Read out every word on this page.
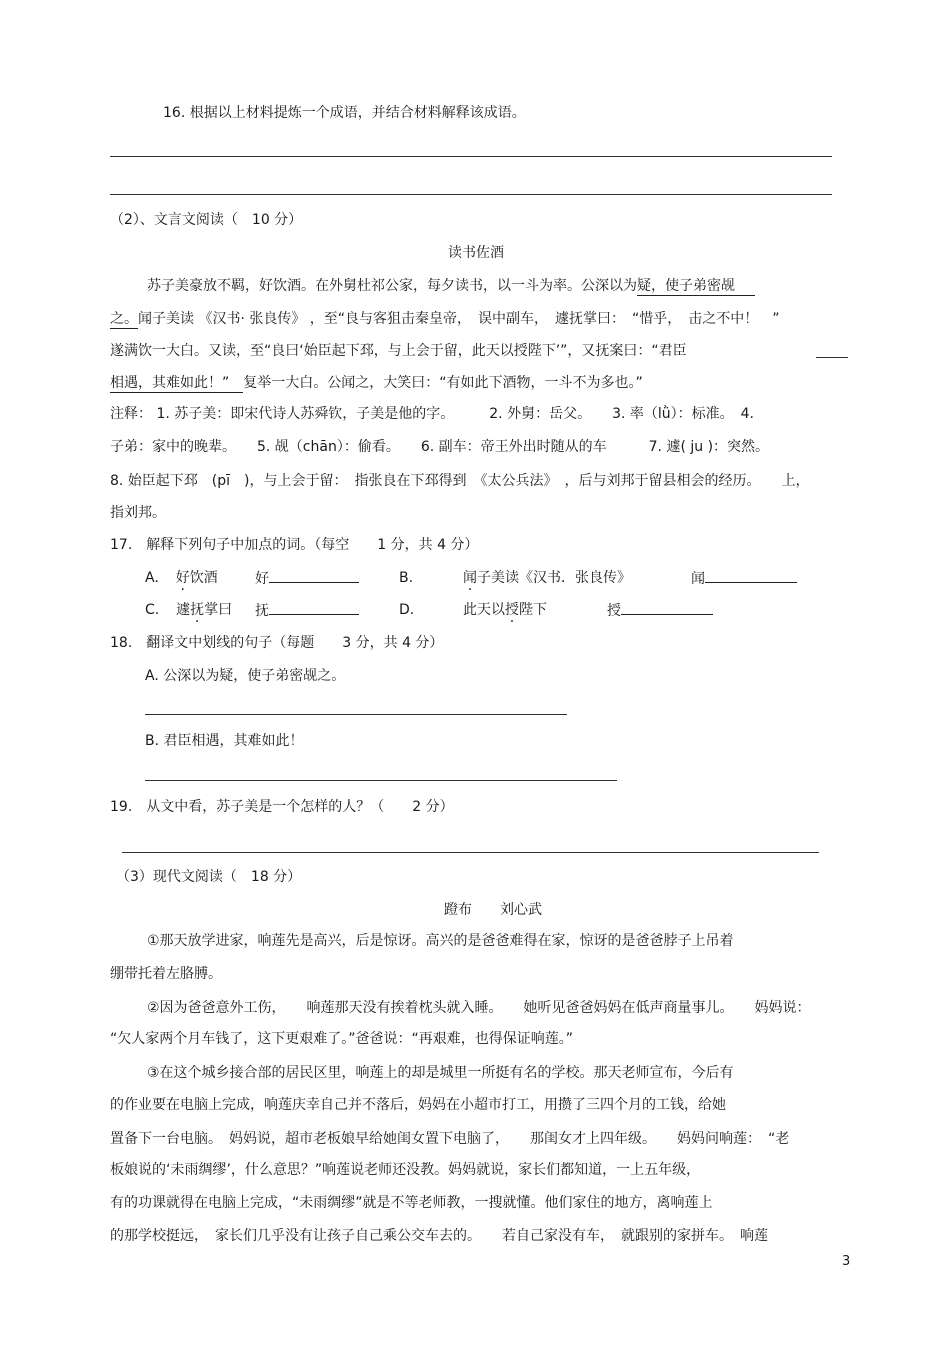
16. 根据以上材料提炼一个成语，并结合材料解释该成语。
（2）、文言文阅读（　10 分）
读书佐酒
苏子美豪放不羁，好饮酒。在外舅杜祁公家，每夕读书，以一斗为率。公深以为疑，使子弟密觇
之。闻子美读 《汉书· 张良传》 ，至“良与客狙击秦皇帝，　误中副车，　遽抚掌曰：　“惜乎，　击之不中！　”
遂满饮一大白。又读，至“良曰‘始臣起下邳，与上会于留，此天以授陛下’”，又抚案曰：“君臣
相遇，其难如此！” 复举一大白。公闻之，大笑曰：“有如此下酒物，一斗不为多也。”
注释： 1. 苏子美：即宋代诗人苏舜钦，子美是他的字。　　　2. 外舅：岳父。　　3. 率（lǜ）：标准。　4.
子弟：家中的晚辈。　　5. 觇（chān）：偷看。　　6. 副车：帝王外出时随从的车　　　7. 遽( ju )：突然。
8. 始臣起下邳　(pī　)，与上会于留：　指张良在下邳得到　《太公兵法》　，后与刘邦于留县相会的经历。　　上，
指刘邦。
17.　解释下列句子中加点的词。（每空　　1 分，共 4 分）
A. 好饮酒	好	B.	闻子美读《汉书．张良传》	闻
C. 遽抚掌曰 抚	D.	此天以授陛下	授
18.　翻译文中划线的句子（每题　　3 分，共 4 分）
A. 公深以为疑，使子弟密觇之。
B. 君臣相遇，其难如此！
19.　从文中看，苏子美是一个怎样的人？（　　2 分）
（3）现代文阅读（　18 分）
蹬布　　刘心武
①那天放学进家，响莲先是高兴，后是惊讶。高兴的是爸爸难得在家，惊讶的是爸爸脖子上吊着
绷带托着左胳膊。
②因为爸爸意外工伤，　　响莲那天没有挨着枕头就入睡。　　她听见爸爸妈妈在低声商量事儿。　　妈妈说：
“欠人家两个月车钱了，这下更艰难了。”爸爸说：“再艰难，也得保证响莲。”
③在这个城乡接合部的居民区里，响莲上的却是城里一所挺有名的学校。那天老师宣布，今后有
的作业要在电脑上完成，响莲庆幸自己并不落后，妈妈在小超市打工，用攒了三四个月的工钱，给她
置备下一台电脑。　妈妈说，超市老板娘早给她闺女置下电脑了，　　那闺女才上四年级。　　妈妈问响莲：　“老
板娘说的‘未雨绸缪’，什么意思？”响莲说老师还没教。妈妈就说，家长们都知道，一上五年级，
有的功课就得在电脑上完成，“未雨绸缪”就是不等老师教，一搜就懂。他们家住的地方，离响莲上
的那学校挺远，　家长们几乎没有让孩子自己乘公交车去的。　　若自己家没有车，　就跟别的家拼车。　响莲
3
